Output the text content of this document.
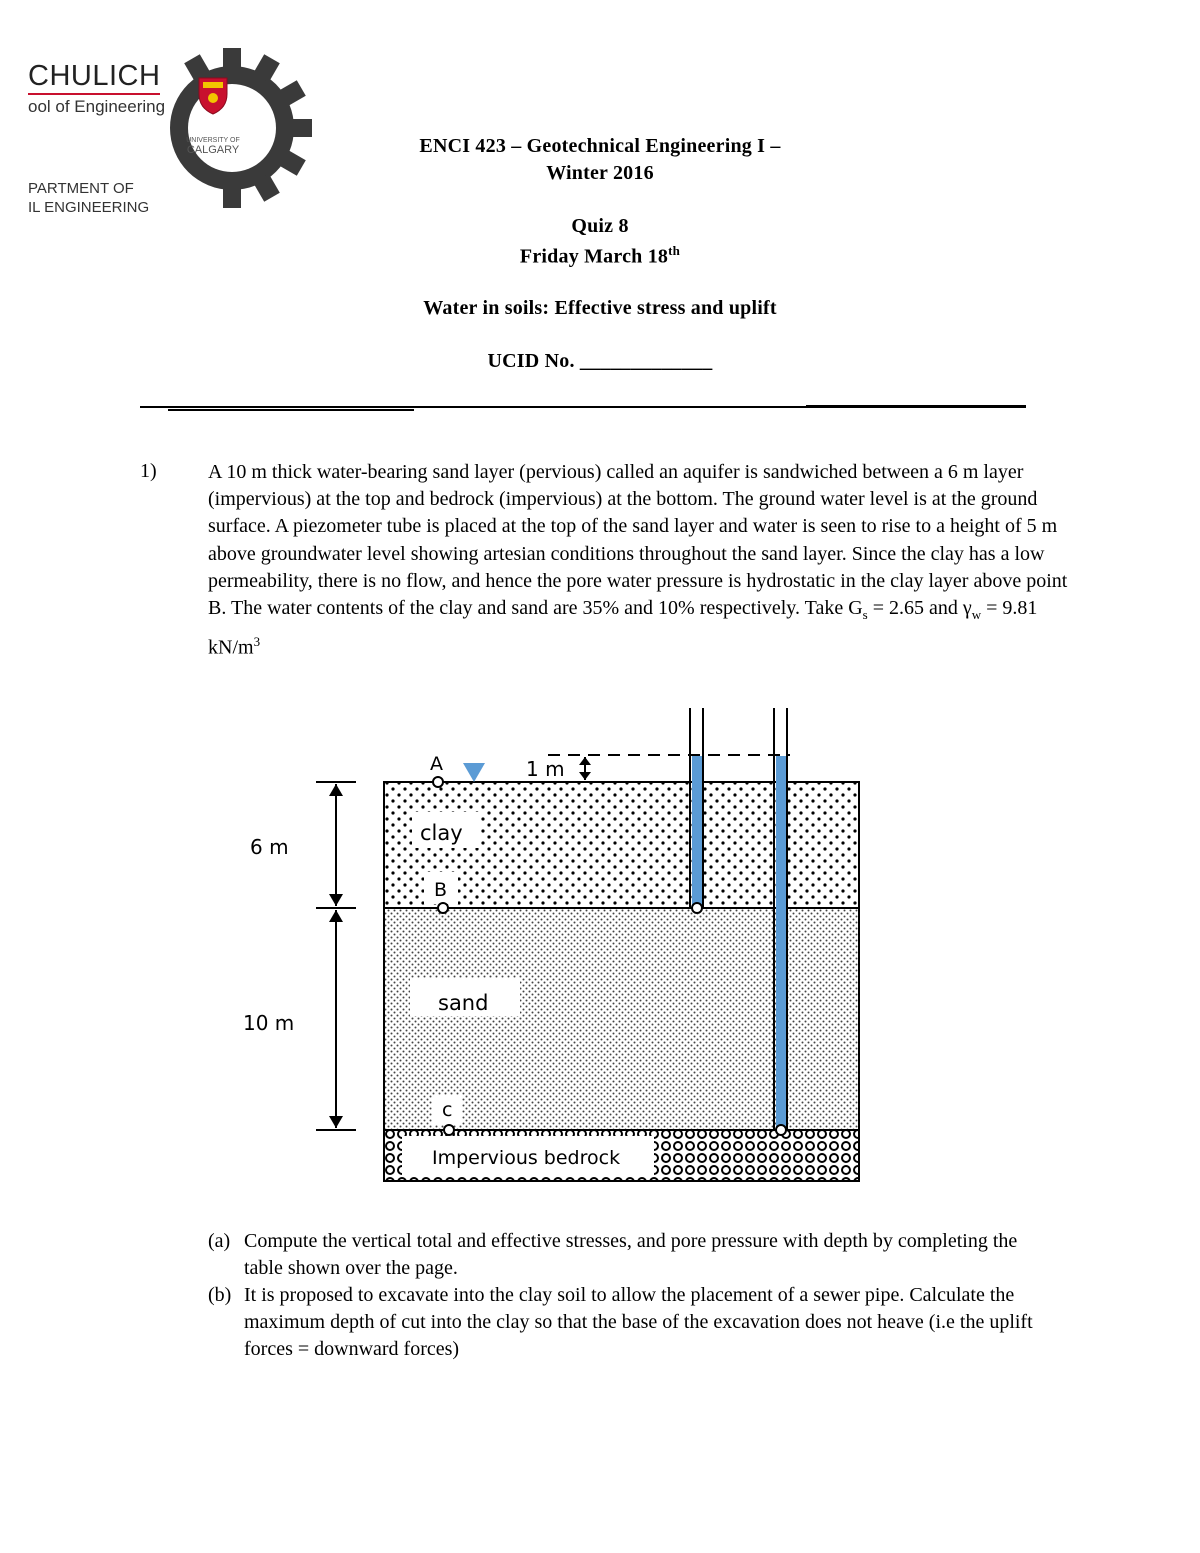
UNIVERSITY OF
CALGARY
CHULICH
ool of Engineering
PARTMENT OF
IL ENGINEERING
ENCI 423 – Geotechnical Engineering I –
Winter 2016
Quiz 8
Friday March 18th
Water in soils: Effective stress and uplift
UCID No. _____________
1)	A 10 m thick water-bearing sand layer (pervious) called an aquifer is sandwiched between a 6 m layer (impervious) at the top and bedrock (impervious) at the bottom. The ground water level is at the ground surface. A piezometer tube is placed at the top of the sand layer and water is seen to rise to a height of 5 m above groundwater level showing artesian conditions throughout the sand layer. Since the clay has a low permeability, there is no flow, and hence the pore water pressure is hydrostatic in the clay layer above point B. The water contents of the clay and sand are 35% and 10% respectively. Take $G_s = 2.65$ and $\gamma_w = 9.81$ $kN/m^3$
clay
sand
Impervious bedrock
A
B
c
1 m
6 m
10 m
(a) Compute the vertical total and effective stresses, and pore pressure with depth by completing the table shown over the page.
(b) It is proposed to excavate into the clay soil to allow the placement of a sewer pipe. Calculate the maximum depth of cut into the clay so that the base of the excavation does not heave (i.e the uplift forces = downward forces)
